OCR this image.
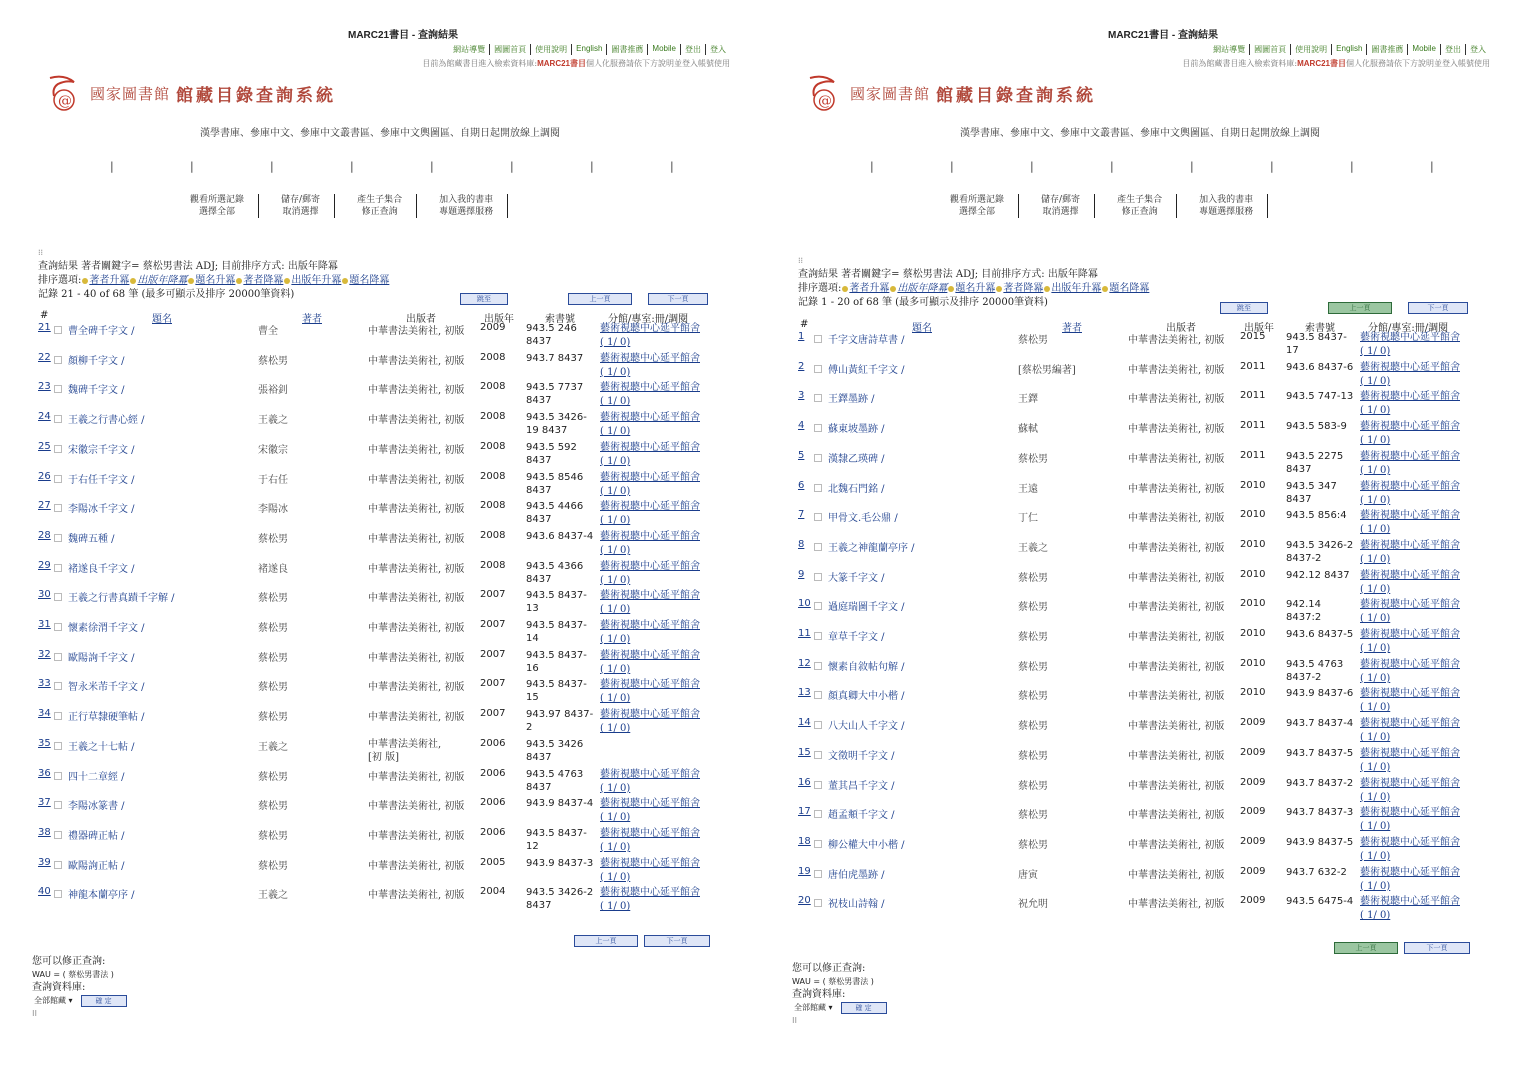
MARC21書目 - 查詢結果
網站導覽	國圖首頁	使用說明	English	圖書推薦	Mobile	登出	登入
目前為館藏書目進入檢索資料庫:MARC21書目個人化服務請依下方說明並登入帳號使用
@ 國家圖書館 館藏目錄查詢系統
漢學書庫、參庫中文、參庫中文叢書區、參庫中文輿圖區、自期日起開放線上調閱
|	|	|	|	|	|	|	|
觀看所選記錄
選擇全部
儲存/郵寄
取消選擇
產生子集合
修正查詢
加入我的書車
專題選擇服務
⁝⁝
查詢結果 著者關鍵字= 蔡松男書法 ADJ; 目前排序方式: 出版年降冪
排序選項: 著者升冪 出版年降冪 題名升冪 著者降冪 出版年升冪 題名降冪
記錄 21 - 40 of 68 筆 (最多可顯示及排序 20000筆資料)	跳至	上一頁	下一頁
#	題名	著者	出版者	出版年	索書號	分館/專室:冊/調閱
21 曹全碑千字文 /	曹全	中華書法美術社, 初版 2009 943.5 246 8437
藝術視聽中心延平館舍
( 1/ 0)
22 顏柳千字文 /	蔡松男	中華書法美術社, 初版 2008 943.7 8437	藝術視聽中心延平館舍
( 1/ 0)
23 魏碑千字文 /	張裕釗	中華書法美術社, 初版 2008 943.5 7737 8437
藝術視聽中心延平館舍
( 1/ 0)
24 王羲之行書心經 /	王羲之	中華書法美術社, 初版 2008 943.5 3426-19 8437
藝術視聽中心延平館舍
( 1/ 0)
25 宋徽宗千字文 /	宋徽宗	中華書法美術社, 初版 2008 943.5 592 8437
藝術視聽中心延平館舍
( 1/ 0)
26 于右任千字文 /	于右任	中華書法美術社, 初版 2008 943.5 8546 8437
藝術視聽中心延平館舍
( 1/ 0)
27 李陽冰千字文 /	李陽冰	中華書法美術社, 初版 2008 943.5 4466 8437
藝術視聽中心延平館舍
( 1/ 0)
28 魏碑五種 /	蔡松男	中華書法美術社, 初版 2008 943.6 8437-4 藝術視聽中心延平館舍
( 1/ 0)
29 褚遂良千字文 /	褚遂良	中華書法美術社, 初版 2008 943.5 4366 8437
藝術視聽中心延平館舍
( 1/ 0)
30 王羲之行書真蹟千字解 /	蔡松男	中華書法美術社, 初版 2007 943.5 8437-13
藝術視聽中心延平館舍
( 1/ 0)
31 懷素徐渭千字文 /	蔡松男	中華書法美術社, 初版 2007 943.5 8437-14
藝術視聽中心延平館舍
( 1/ 0)
32 歐陽詢千字文 /	蔡松男	中華書法美術社, 初版 2007 943.5 8437-16
藝術視聽中心延平館舍
( 1/ 0)
33 智永米芾千字文 /	蔡松男	中華書法美術社, 初版 2007 943.5 8437-15
藝術視聽中心延平館舍
( 1/ 0)
34 正行草隸硬筆帖 /	蔡松男	中華書法美術社, 初版 2007 943.97 8437-2
藝術視聽中心延平館舍
( 1/ 0)
35 王羲之十七帖 /	王羲之	中華書法美術社, [初 版]
2006 943.5 3426 8437
36 四十二章經 /	蔡松男	中華書法美術社, 初版 2006 943.5 4763 8437
藝術視聽中心延平館舍
( 1/ 0)
37 李陽冰篆書 /	蔡松男	中華書法美術社, 初版 2006 943.9 8437-4 藝術視聽中心延平館舍
( 1/ 0)
38 禮器碑正帖 /	蔡松男	中華書法美術社, 初版 2006 943.5 8437-12
藝術視聽中心延平館舍
( 1/ 0)
39 歐陽詢正帖 /	蔡松男	中華書法美術社, 初版 2005 943.9 8437-3 藝術視聽中心延平館舍
( 1/ 0)
40 神龍本蘭亭序 /	王羲之	中華書法美術社, 初版 2004 943.5 3426-2 8437
藝術視聽中心延平館舍
( 1/ 0)
上一頁	下一頁
您可以修正查詢:
WAU = ( 蔡松男書法 )
查詢資料庫:
全部館藏 ▾	確 定
⁝⁝
MARC21書目 - 查詢結果
網站導覽	國圖首頁	使用說明	English	圖書推薦	Mobile	登出	登入
目前為館藏書目進入檢索資料庫:MARC21書目個人化服務請依下方說明並登入帳號使用
@ 國家圖書館 館藏目錄查詢系統
漢學書庫、參庫中文、參庫中文叢書區、參庫中文輿圖區、自期日起開放線上調閱
|	|	|	|	|	|	|	|
觀看所選記錄
選擇全部
儲存/郵寄
取消選擇
產生子集合
修正查詢
加入我的書車
專題選擇服務
⁝⁝
查詢結果 著者關鍵字= 蔡松男書法 ADJ; 目前排序方式: 出版年降冪
排序選項: 著者升冪 出版年降冪 題名升冪 著者降冪 出版年升冪 題名降冪
記錄 1 - 20 of 68 筆 (最多可顯示及排序 20000筆資料)	跳至	上一頁	下一頁
#	題名	著者	出版者	出版年	索書號	分館/專室:冊/調閱
1 千字文唐詩草書 /	蔡松男	中華書法美術社, 初版 2015 943.5 8437-17
藝術視聽中心延平館舍
( 1/ 0)
2 傅山黃紅千字文 /	[蔡松男編著]	中華書法美術社, 初版 2011 943.6 8437-6 藝術視聽中心延平館舍
( 1/ 0)
3 王鐸墨跡 /	王鐸	中華書法美術社, 初版 2011 943.5 747-13 藝術視聽中心延平館舍
( 1/ 0)
4 蘇東坡墨跡 /	蘇軾	中華書法美術社, 初版 2011 943.5 583-9	藝術視聽中心延平館舍
( 1/ 0)
5 漢隸乙瑛碑 /	蔡松男	中華書法美術社, 初版 2011 943.5 2275 8437
藝術視聽中心延平館舍
( 1/ 0)
6 北魏石門銘 /	王遠	中華書法美術社, 初版 2010 943.5 347 8437
藝術視聽中心延平館舍
( 1/ 0)
7 甲骨文.毛公鼎 /	丁仁	中華書法美術社, 初版 2010 943.5 856:4	藝術視聽中心延平館舍
( 1/ 0)
8 王羲之神龍蘭亭序 /	王羲之	中華書法美術社, 初版 2010 943.5 3426-2 8437-2
藝術視聽中心延平館舍
( 1/ 0)
9 大篆千字文 /	蔡松男	中華書法美術社, 初版 2010 942.12 8437	藝術視聽中心延平館舍
( 1/ 0)
10 過庭瑞圖千字文 /	蔡松男	中華書法美術社, 初版 2010 942.14 8437:2
藝術視聽中心延平館舍
( 1/ 0)
11 章草千字文 /	蔡松男	中華書法美術社, 初版 2010 943.6 8437-5 藝術視聽中心延平館舍
( 1/ 0)
12 懷素自敘帖句解 /	蔡松男	中華書法美術社, 初版 2010 943.5 4763 8437-2
藝術視聽中心延平館舍
( 1/ 0)
13 顏真卿大中小楷 /	蔡松男	中華書法美術社, 初版 2010 943.9 8437-6 藝術視聽中心延平館舍
( 1/ 0)
14 八大山人千字文 /	蔡松男	中華書法美術社, 初版 2009 943.7 8437-4 藝術視聽中心延平館舍
( 1/ 0)
15 文徵明千字文 /	蔡松男	中華書法美術社, 初版 2009 943.7 8437-5 藝術視聽中心延平館舍
( 1/ 0)
16 董其昌千字文 /	蔡松男	中華書法美術社, 初版 2009 943.7 8437-2 藝術視聽中心延平館舍
( 1/ 0)
17 趙孟頫千字文 /	蔡松男	中華書法美術社, 初版 2009 943.7 8437-3 藝術視聽中心延平館舍
( 1/ 0)
18 柳公權大中小楷 /	蔡松男	中華書法美術社, 初版 2009 943.9 8437-5 藝術視聽中心延平館舍
( 1/ 0)
19 唐伯虎墨跡 /	唐寅	中華書法美術社, 初版 2009 943.7 632-2	藝術視聽中心延平館舍
( 1/ 0)
20 祝枝山詩翰 /	祝允明	中華書法美術社, 初版 2009 943.5 6475-4 藝術視聽中心延平館舍
( 1/ 0)
上一頁	下一頁
您可以修正查詢:
WAU = ( 蔡松男書法 )
查詢資料庫:
全部館藏 ▾	確 定
⁝⁝
